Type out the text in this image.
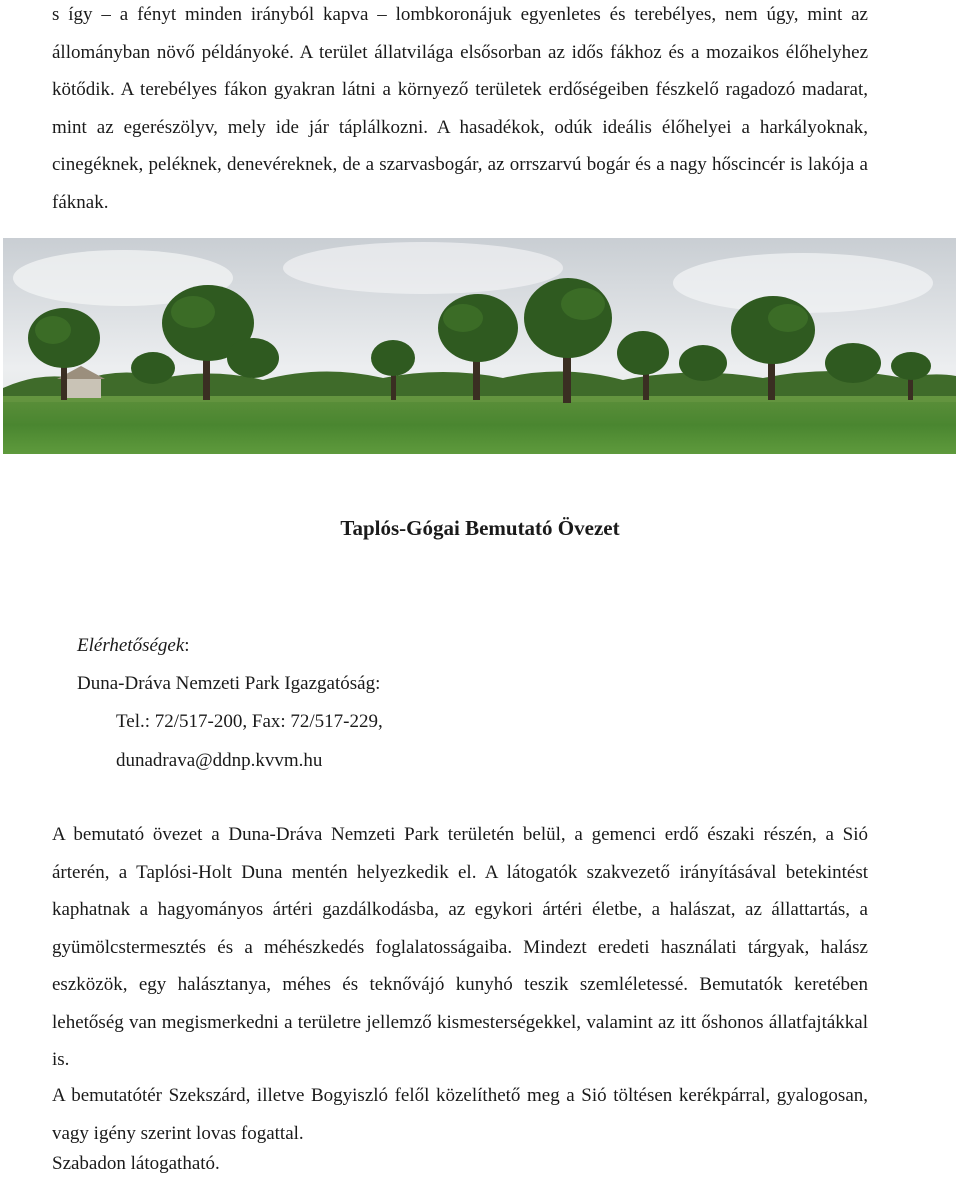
s így – a fényt minden irányból kapva – lombkoronájuk egyenletes és terebélyes, nem úgy, mint az állományban növő példányoké. A terület állatvilága elsősorban az idős fákhoz és a mozaikos élőhelyhez kötődik. A terebélyes fákon gyakran látni a környező területek erdőségeiben fészkelő ragadozó madarat, mint az egerészölyv, mely ide jár táplálkozni. A hasadékok, odúk ideális élőhelyei a harkályoknak, cinegéknek, peléknek, denevéreknek, de a szarvasbogár, az orrszarvú bogár és a nagy hőscincér is lakója a fáknak.

Taplós-Gógai Bemutató Övezet

Elérhetőségek:

Duna-Dráva Nemzeti Park Igazgatóság:

Tel.: 72/517-200, Fax: 72/517-229,

dunadrava@ddnp.kvvm.hu

A bemutató övezet a Duna-Dráva Nemzeti Park területén belül, a gemenci erdő északi részén, a Sió árterén, a Taplósi-Holt Duna mentén helyezkedik el. A látogatók szakvezető irányításával betekintést kaphatnak a hagyományos ártéri gazdálkodásba, az egykori ártéri életbe, a halászat, az állattartás, a gyümölcstermesztés és a méhészkedés foglalatosságaiba. Mindezt eredeti használati tárgyak, halász eszközök, egy halásztanya, méhes és teknővájó kunyhó teszik szemléletessé. Bemutatók keretében lehetőség van megismerkedni a területre jellemző kismesterségekkel, valamint az itt őshonos állatfajtákkal is.

A bemutatótér Szekszárd, illetve Bogyiszló felől közelíthető meg a Sió töltésen kerékpárral, gyalogosan, vagy igény szerint lovas fogattal.

Szabadon látogatható.
